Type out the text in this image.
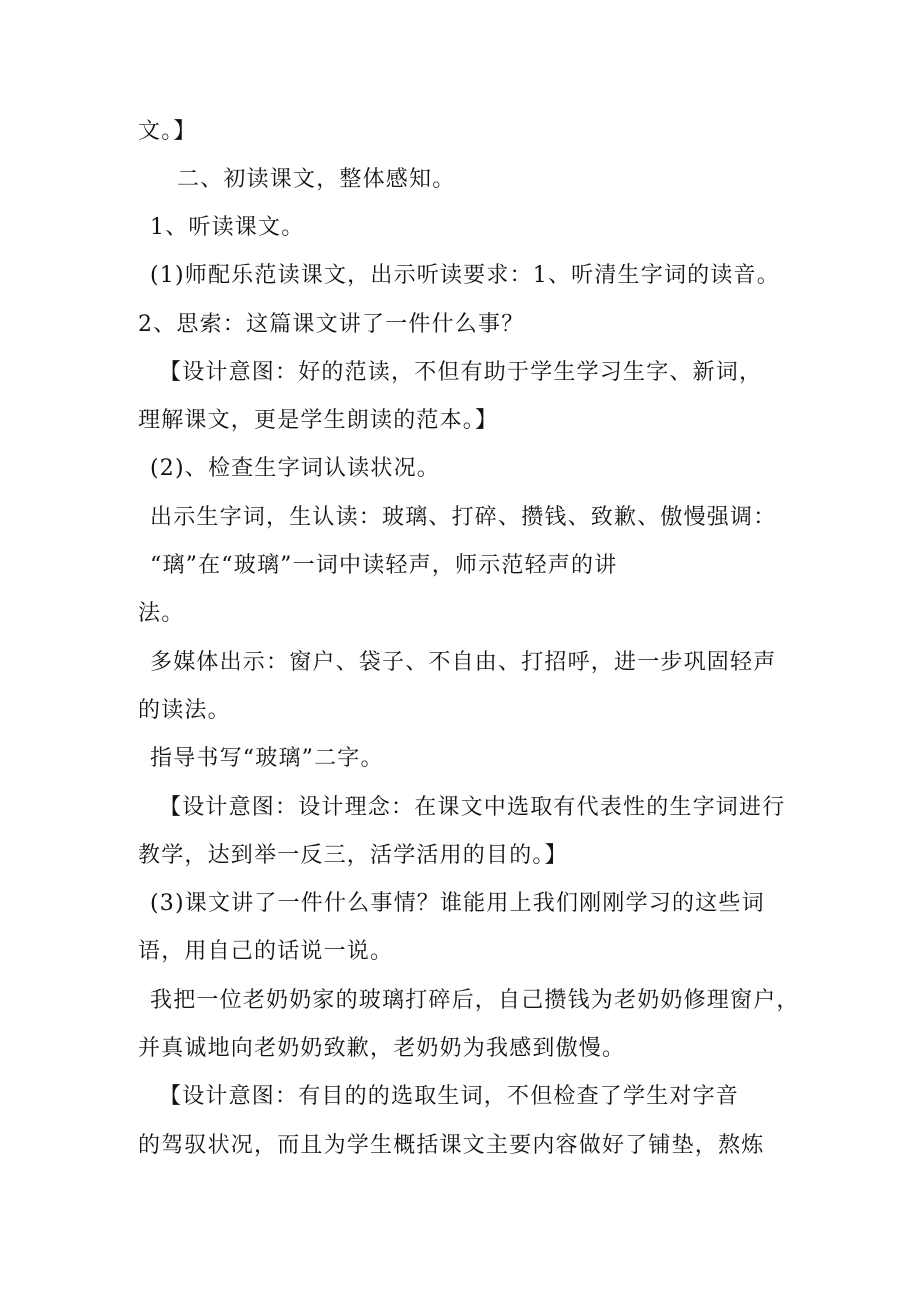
文。】
二、初读课文，整体感知。
1、听读课文。
(1)师配乐范读课文，出示听读要求：1、听清生字词的读音。
2、思索：这篇课文讲了一件什么事？
【设计意图：好的范读，不但有助于学生学习生字、新词，
理解课文，更是学生朗读的范本。】
(2)、检查生字词认读状况。
出示生字词，生认读：玻璃、打碎、攒钱、致歉、傲慢强调：
“璃”在“玻璃”一词中读轻声，师示范轻声的讲
法。
多媒体出示：窗户、袋子、不自由、打招呼，进一步巩固轻声
的读法。
指导书写“玻璃”二字。
【设计意图：设计理念：在课文中选取有代表性的生字词进行
教学，达到举一反三，活学活用的目的。】
(3)课文讲了一件什么事情？谁能用上我们刚刚学习的这些词
语，用自己的话说一说。
我把一位老奶奶家的玻璃打碎后，自己攒钱为老奶奶修理窗户，
并真诚地向老奶奶致歉，老奶奶为我感到傲慢。
【设计意图：有目的的选取生词，不但检查了学生对字音
的驾驭状况，而且为学生概括课文主要内容做好了铺垫，熬炼
